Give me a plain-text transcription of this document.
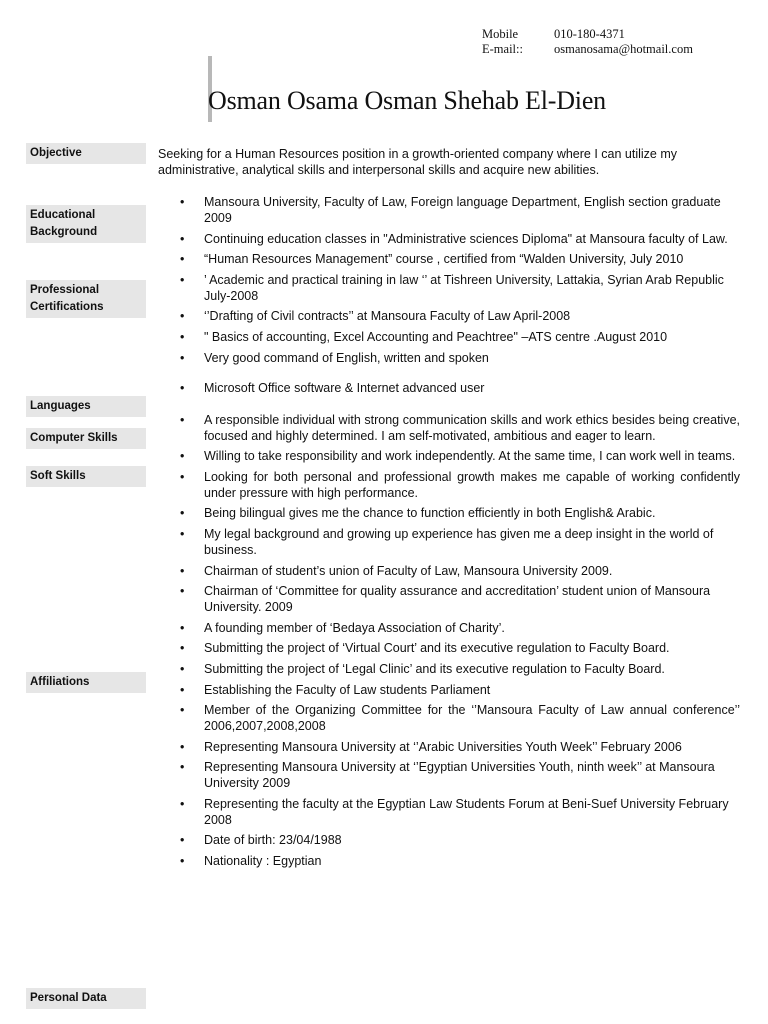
Mobile	010-180-4371
E-mail::	osmanosama@hotmail.com
Osman Osama Osman Shehab El-Dien
Objective
Educational
Background
Professional
Certifications
Languages
Computer Skills
Soft Skills
Affiliations
Personal Data
Seeking for a Human Resources position in a growth-oriented company where I can utilize my administrative, analytical skills and interpersonal skills and acquire new abilities.
• Mansoura University, Faculty of Law, Foreign language Department, English section graduate 2009
• Continuing education classes in "Administrative sciences Diploma" at Mansoura faculty of Law.
• “Human Resources Management” course , certified from “Walden University, July 2010
• ’ Academic and practical training in law ‘’ at Tishreen University, Lattakia, Syrian Arab Republic July-2008
• ‘’Drafting of Civil contracts’’ at Mansoura Faculty of Law April-2008
• " Basics of accounting, Excel Accounting and Peachtree" –ATS centre .August 2010
• Very good command of English, written and spoken
• Microsoft Office software & Internet advanced user
• A responsible individual with strong communication skills and work ethics besides being creative, focused and highly determined. I am self-motivated, ambitious and eager to learn.
• Willing to take responsibility and work independently. At the same time, I can work well in teams.
• Looking for both personal and professional growth makes me capable of working confidently under pressure with high performance.
• Being bilingual gives me the chance to function efficiently in both English& Arabic.
• My legal background and growing up experience has given me a deep insight in the world of business.
• Chairman of student’s union of Faculty of Law, Mansoura University 2009.
• Chairman of ‘Committee for quality assurance and accreditation’ student union of Mansoura University. 2009
• A founding member of ‘Bedaya Association of Charity’.
• Submitting the project of ‘Virtual Court’ and its executive regulation to Faculty Board.
• Submitting the project of ‘Legal Clinic’ and its executive regulation to Faculty Board.
• Establishing the Faculty of Law students Parliament
• Member of the Organizing Committee for the ‘’Mansoura Faculty of Law annual conference’’ 2006,2007,2008,2008
• Representing Mansoura University at ‘’Arabic Universities Youth Week’’ February 2006
• Representing Mansoura University at ‘’Egyptian Universities Youth, ninth week’’ at Mansoura University 2009
• Representing the faculty at the Egyptian Law Students Forum at Beni-Suef University February 2008
• Date of birth: 23/04/1988
• Nationality : Egyptian
